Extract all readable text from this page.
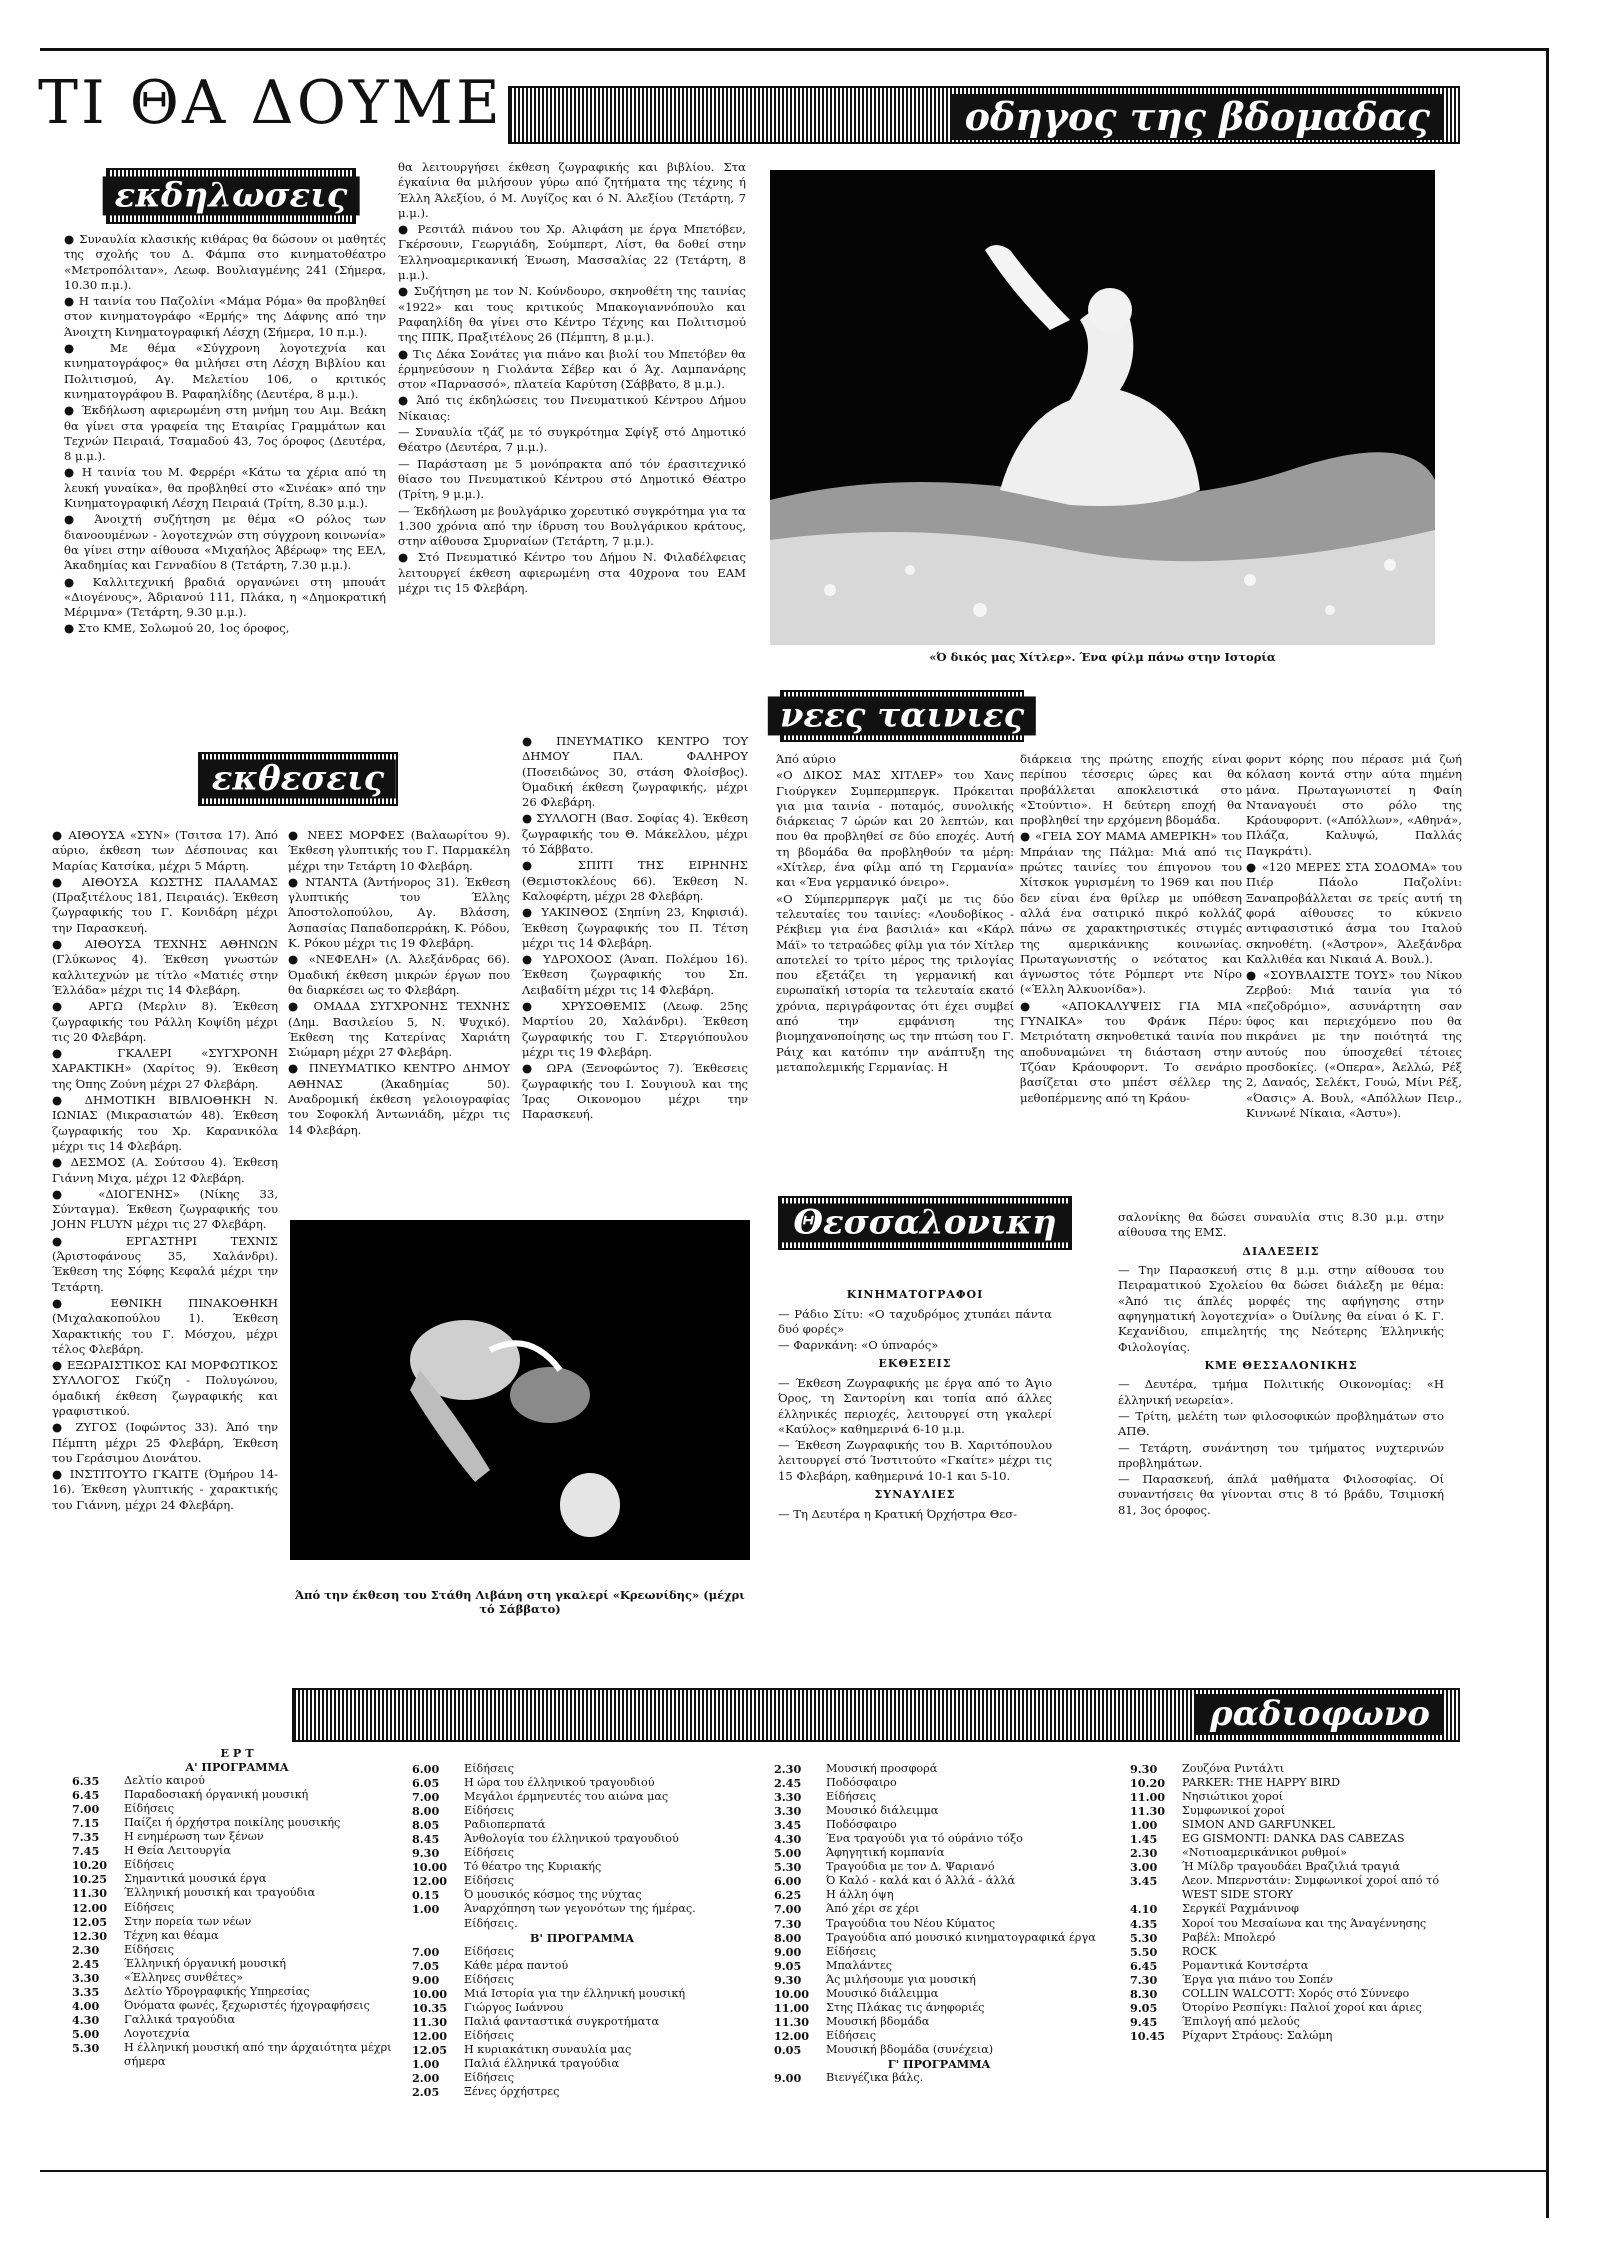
ΤΙ ΘΑ ΔΟΥΜΕ	οδηγος της βδομαδας
εκδηλωσεις

● Συναυλία κλασικής κιθάρας θα δώσουν οι μαθητές της σχολής του Δ. Φάμπα στο κινηματοθέατρο «Μετροπόλιταν», Λεωφ. Βουλιαγμένης 241 (Σήμερα, 10.30 π.μ.).

● Η ταινία του Παζολίνι «Μάμα Ρόμα» θα προβληθεί στον κινηματογράφο «Ερμής» της Δάφνης από την Άνοιχτη Κινηματογραφική Λέσχη (Σήμερα, 10 π.μ.).

● Με θέμα «Σύγχρονη λογοτεχνία και κινηματογράφος» θα μιλήσει στη Λέσχη Βιβλίου και Πολιτισμού, Αγ. Μελετίου 106, ο κριτικός κινηματογράφου Β. Ραφαηλίδης (Δευτέρα, 8 μ.μ.).

● Έκδήλωση αφιερωμένη στη μνήμη του Αιμ. Βεάκη θα γίνει στα γραφεία της Εταιρίας Γραμμάτων και Τεχνών Πειραιά, Τσαμαδού 43, 7ος όροφος (Δευτέρα, 8 μ.μ.).

● Η ταινία του Μ. Φερρέρι «Κάτω τα χέρια από τη λευκή γυναίκα», θα προβληθεί στο «Σινέακ» από την Κινηματογραφική Λέσχη Πειραιά (Τρίτη, 8.30 μ.μ.).

● Άνοιχτή συζήτηση με θέμα «Ο ρόλος των διανοουμένων - λογοτεχνών στη σύγχρονη κοινωνία» θα γίνει στην αίθουσα «Μιχαήλος Άβέρωφ» της ΕΕΛ, Άκαδημίας και Γενναδίου 8 (Τετάρτη, 7.30 μ.μ.).

● Καλλιτεχνική βραδιά οργανώνει στη μπουάτ «Διογένους», Άδριανού 111, Πλάκα, η «Δημοκρατική Μέριμνα» (Τετάρτη, 9.30 μ.μ.).

● Στο ΚΜΕ, Σολωμού 20, 1ος όροφος,

θα λειτουργήσει έκθεση ζωγραφικής και βιβλίου. Στα έγκαίνια θα μιλήσουν γύρω από ζητήματα της τέχνης ή Έλλη Άλεξίου, ό Μ. Λυγίζος και ό Ν. Άλεξίου (Τετάρτη, 7 μ.μ.).

● Ρεσιτάλ πιάνου του Χρ. Αλιφάση με έργα Μπετόβεν, Γκέρσουιν, Γεωργιάδη, Σούμπερτ, Λίστ, θα δοθεί στην Έλληνοαμερικανική Ένωση, Μασσαλίας 22 (Τετάρτη, 8 μ.μ.).

● Συζήτηση με τον Ν. Κούνδουρο, σκηνοθέτη της ταινίας «1922» και τους κριτικούς Μπακογιαννόπουλο και Ραφαηλίδη θα γίνει στο Κέντρο Τέχνης και Πολιτισμού της ΠΠΚ, Πραξιτέλους 26 (Πέμπτη, 8 μ.μ.).

● Τις Δέκα Σονάτες για πιάνο και βιολί του Μπετόβεν θα έρμηνεύσουν η Γιολάντα Σέβερ και ό Άχ. Λαμπανάρης στον «Παρνασσό», πλατεία Καρύτση (Σάββατο, 8 μ.μ.).

● Άπό τις έκδηλώσεις του Πνευματικού Κέντρου Δήμου Νίκαιας:

— Συναυλία τζάζ με τό συγκρότημα Σφίγξ στό Δημοτικό Θέατρο (Δευτέρα, 7 μ.μ.).

— Παράσταση με 5 μονόπρακτα από τόν έρασιτεχνικό θίασο του Πνευματικού Κέντρου στό Δημοτικό Θέατρο (Τρίτη, 9 μ.μ.).

— Έκδήλωση με βουλγάρικο χορευτικό συγκρότημα για τα 1.300 χρόνια από την ίδρυση του Βουλγάρικου κράτους, στην αίθουσα Σμυρναίων (Τετάρτη, 7 μ.μ.).

● Στό Πνευματικό Κέντρο του Δήμου Ν. Φιλαδέλφειας λειτουργεί έκθεση αφιερωμένη στα 40χρονα του ΕΑΜ μέχρι τις 15 Φλεβάρη.

«Ό δικός μας Χίτλερ». Ένα φίλμ πάνω στην Ιστορία
νεες ταινιες
εκθεσεις

● ΑΙΘΟΥΣΑ «ΣΥΝ» (Τσιτσα 17). Άπό αύριο, έκθεση των Δέσποινας και Μαρίας Κατσίκα, μέχρι 5 Μάρτη.

● ΑΙΘΟΥΣΑ ΚΩΣΤΗΣ ΠΑΛΑΜΑΣ (Πραξιτέλους 181, Πειραιάς). Έκθεση ζωγραφικής του Γ. Κονιδάρη μέχρι την Παρασκευή.

● ΑΙΘΟΥΣΑ ΤΕΧΝΗΣ ΑΘΗΝΩΝ (Γλύκωνος 4). Έκθεση γνωστών καλλιτεχνών με τίτλο «Ματιές στην Έλλάδα» μέχρι τις 14 Φλεβάρη.

● ΑΡΓΩ (Μερλιν 8). Έκθεση ζωγραφικής του Ράλλη Κοψίδη μέχρι τις 20 Φλεβάρη.

● ΓΚΑΛΕΡΙ «ΣΥΓΧΡΟΝΗ ΧΑΡΑΚΤΙΚΗ» (Χαρίτος 9). Έκθεση της Όπης Ζούνη μέχρι 27 Φλεβάρη.

● ΔΗΜΟΤΙΚΗ ΒΙΒΛΙΟΘΗΚΗ Ν. ΙΩΝΙΑΣ (Μικρασιατών 48). Έκθεση ζωγραφικής του Χρ. Καρανικόλα μέχρι τις 14 Φλεβάρη.

● ΔΕΣΜΟΣ (Α. Σούτσου 4). Έκθεση Γιάννη Μιχα, μέχρι 12 Φλεβάρη.

● «ΔΙΟΓΕΝΗΣ» (Νίκης 33, Σύνταγμα). Έκθεση ζωγραφικής του JOHN FLUYN μέχρι τις 27 Φλεβάρη.

● ΕΡΓΑΣΤΗΡΙ ΤΕΧΝΙΣ (Άριστοφάνους 35, Χαλάνδρι). Έκθεση της Σόφης Κεφαλά μέχρι την Τετάρτη.

● ΕΘΝΙΚΗ ΠΙΝΑΚΟΘΗΚΗ (Μιχαλακοπούλου 1). Έκθεση Χαρακτικής του Γ. Μόσχου, μέχρι τέλος Φλεβάρη.

● ΕΞΩΡΑΙΣΤΙΚΟΣ ΚΑΙ ΜΟΡΦΩΤΙΚΟΣ ΣΥΛΛΟΓΟΣ Γκύζη - Πολυγώνου, όμαδική έκθεση ζωγραφικής και γραφιστικού.

● ΖΥΓΟΣ (Ιοφώντος 33). Άπό την Πέμπτη μέχρι 25 Φλεβάρη, Έκθεση του Γεράσιμου Διονάτου.

● ΙΝΣΤΙΤΟΥΤΟ ΓΚΑΙΤΕ (Όμήρου 14-16). Έκθεση γλυπτικής - χαρακτικής του Γιάννη, μέχρι 24 Φλεβάρη.

● ΝΕΕΣ ΜΟΡΦΕΣ (Βαλαωρίτου 9). Έκθεση γλυπτικής του Γ. Παρμακέλη μέχρι την Τετάρτη 10 Φλεβάρη.

● ΝΤΑΝΤΑ (Άντήνορος 31). Έκθεση γλυπτικής του Έλλης Άποστολοπούλου, Αγ. Βλάσση, Άσπασίας Παπαδοπερράκη, Κ. Ρόδου, Κ. Ρόκου μέχρι τις 19 Φλεβάρη.

● «ΝΕΦΕΛΗ» (Λ. Άλεξάνδρας 66). Όμαδική έκθεση μικρών έργων που θα διαρκέσει ως το Φλεβάρη.

● ΟΜΑΔΑ ΣΥΓΧΡΟΝΗΣ ΤΕΧΝΗΣ (Δημ. Βασιλείου 5, Ν. Ψυχικό). Έκθεση της Κατερίνας Χαριάτη Σιώμαρη μέχρι 27 Φλεβάρη.

● ΠΝΕΥΜΑΤΙΚΟ ΚΕΝΤΡΟ ΔΗΜΟΥ ΑΘΗΝΑΣ (Άκαδημίας 50). Αναδρομική έκθεση γελοιογραφίας του Σοφοκλή Άντωνιάδη, μέχρι τις 14 Φλεβάρη.

● ΠΝΕΥΜΑΤΙΚΟ ΚΕΝΤΡΟ ΤΟΥ ΔΗΜΟΥ ΠΑΛ. ΦΑΛΗΡΟΥ (Ποσειδώνος 30, στάση Φλοίσβος). Όμαδική έκθεση ζωγραφικής, μέχρι 26 Φλεβάρη.

● ΣΥΛΛΟΓΗ (Βασ. Σοφίας 4). Έκθεση ζωγραφικής του Θ. Μάκελλου, μέχρι τό Σάββατο.

● ΣΠΙΤΙ ΤΗΣ ΕΙΡΗΝΗΣ (Θεμιστοκλέους 66). Έκθεση Ν. Καλοφέρτη, μέχρι 28 Φλεβάρη.

● ΥΑΚΙΝΘΟΣ (Σηπίνη 23, Κηφισιά). Έκθεση ζωγραφικής του Π. Τέτση μέχρι τις 14 Φλεβάρη.

● ΥΔΡΟΧΟΟΣ (Άναπ. Πολέμου 16). Έκθεση ζωγραφικής του Σπ. Λειβαδίτη μέχρι τις 14 Φλεβάρη.

● ΧΡΥΣΟΘΕΜΙΣ (Λεωφ. 25ης Μαρτίου 20, Χαλάνδρι). Έκθεση ζωγραφικής του Γ. Στεργιόπουλου μέχρι τις 19 Φλεβάρη.

● ΩΡΑ (Ξενοφώντος 7). Έκθεσεις ζωγραφικής του Ι. Σουγιουλ και της Ίρας Οικονομου μέχρι την Παρασκευή.

Άπό την έκθεση του Στάθη Λιβάνη στη γκαλερί «Κρεωνίδης» (μέχρι τό Σάββατο)

Άπό αύριο

«Ο ΔΙΚΟΣ ΜΑΣ ΧΙΤΛΕΡ» του Χανς Γιούργκεν Συμπερμπεργκ. Πρόκειται για μια ταινία - ποταμός, συνολικής διάρκειας 7 ώρών και 20 λεπτών, και που θα προβληθεί σε δύο εποχές. Αυτή τη βδομάδα θα προβληθούν τα μέρη: «Χίτλερ, ένα φίλμ από τη Γερμανία» και «Ένα γερμανικό όνειρο».

«Ο Σύμπερμπεργκ μαζί με τις δύο τελευταίες του ταινίες: «Λουδοβίκος - Ρέκβιεμ για ένα βασιλιά» και «Κάρλ Μάϊ» το τετραώδες φίλμ για τόν Χίτλερ αποτελεί το τρίτο μέρος της τριλογίας που εξετάζει τη γερμανική και ευρωπαϊκή ιστορία τα τελευταία εκατό χρόνια, περιγράφοντας ότι έχει συμβεί από την εμφάνιση της βιομηχανοποίησης ως την πτώση του Γ. Ράιχ και κατόπιν την ανάπτυξη της μεταπολεμικής Γερμανίας. Η

διάρκεια της πρώτης εποχής είναι περίπου τέσσερις ώρες και θα προβάλλεται αποκλειστικά στο «Στούντιο». Η δεύτερη εποχή θα προβληθεί την ερχόμενη βδομάδα.

● «ΓΕΙΑ ΣΟΥ ΜΑΜΑ ΑΜΕΡΙΚΗ» του Μπράιαν της Πάλμα: Μιά από τις πρώτες ταινίες του έπιγονου του Χίτσκοκ γυρισμένη το 1969 και που δεν είναι ένα θρίλερ με υπόθεση αλλά ένα σατιρικό πικρό κολλάζ πάνω σε χαρακτηριστικές στιγμές της αμερικάνικης κοινωνίας. Πρωταγωνιστής ο νεότατος και άγνωστος τότε Ρόμπερτ ντε Νίρο («Έλλη Άλκυονίδα»).

● «ΑΠΟΚΑΛΥΨΕΙΣ ΓΙΑ ΜΙΑ ΓΥΝΑΙΚΑ» του Φράνκ Πέρυ: Μετριότατη σκηνοθετικά ταινία που αποδυναμώνει τη διάσταση στην Τζόαν Κράουφορντ. Το σενάριο βασίζεται στο μπέστ σέλλερ της μεθοπέρμενης από τη Κράου-

φορντ κόρης που πέρασε μιά ζωή κόλαση κοντά στην αύτα πημένη μάνα. Πρωταγωνιστεί η Φαίη Νταναγουέι στο ρόλο της Κράουφορντ. («Απόλλων», «Αθηνά», Πλάζα, Καλυψώ, Παλλάς Παγκράτι).

● «120 ΜΕΡΕΣ ΣΤΑ ΣΟΔΟΜΑ» του Πιέρ Πάολο Παζολίνι: Ξαναπροβάλλεται σε τρείς αυτή τη φορά αίθουσες το κύκνειο αντιφασιστικό άσμα του Ιταλού σκηνοθέτη. («Άστρον», Άλεξάνδρα Καλλιθέα και Νικαιά Α. Βουλ.).

● «ΣΟΥΒΛΑΙΣΤΕ ΤΟΥΣ» του Νίκου Ζερβού: Μιά ταινία για τό «πεζοδρόμιο», ασυνάρτητη σαν ύφος και περιεχόμενο που θα πικράνει με την ποιότητά της αυτούς που ύποσχεθεί τέτοιες προσδοκίες. («Οπερα», Άελλώ, Ρέξ 2, Δαναός, Σελέκτ, Γουώ, Μίνι Ρέξ, «Όασις» Α. Βουλ, «Απόλλων Πειρ., Κιννωνέ Νίκαια, «Άστυ»).

Θεσσαλονικη

ΚΙΝΗΜΑΤΟΓΡΑΦΟΙ

— Ράδιο Σίτυ: «Ο ταχυδρόμος χτυπάει πάντα δυό φορές»

— Φαρνκάνη: «Ο ύπναρός»

ΕΚΘΕΣΕΙΣ

— Έκθεση Ζωγραφικής με έργα από το Άγιο Όρος, τη Σαντορίνη και τοπία από άλλες έλληνικές περιοχές, λειτουργεί στη γκαλερί «Καύλος» καθημερινά 6-10 μ.μ.

— Έκθεση Ζωγραφικής του Β. Χαριτόπουλου λειτουργεί στό Ίνστιτούτο «Γκαίτε» μέχρι τις 15 Φλεβάρη, καθημερινά 10-1 και 5-10.

ΣΥΝΑΥΛΙΕΣ

— Τη Δευτέρα η Κρατική Όρχήστρα Θεσ-

σαλονίκης θα δώσει συναυλία στις 8.30 μ.μ. στην αίθουσα της ΕΜΣ.

ΔΙΑΛΕΞΕΙΣ

— Την Παρασκευή στις 8 μ.μ. στην αίθουσα του Πειραματικού Σχολείου θα δώσει διάλεξη με θέμα: «Άπό τις άπλές μορφές της αφήγησης στην αφηγηματική λογοτεχνία» ο Όυίλνης θα είναι ό Κ. Γ. Κεχανίδιου, επιμελητής της Νεότερης Έλληνικής Φιλολογίας.

ΚΜΕ ΘΕΣΣΑΛΟΝΙΚΗΣ

— Δευτέρα, τμήμα Πολιτικής Οικονομίας: «Η έλληνική νεωρεία».

— Τρίτη, μελέτη των φιλοσοφικών προβλημάτων στο ΑΠΘ.

— Τετάρτη, συνάντηση του τμήματος νυχτερινών προβλημάτων.

— Παρασκευή, άπλά μαθήματα Φιλοσοφίας. Οί συναντήσεις θα γίνονται στις 8 τό βράδυ, Τσιμισκή 81, 3ος όροφος.

ραδιοφωνο
Ε Ρ Τ
Α' ΠΡΟΓΡΑΜΜΑ
6.35	Δελτίο καιρού
6.45	Παραδοσιακή όργανική μουσική
7.00	Είδήσεις
7.15	Παίζει ή όρχήστρα ποικίλης μουσικής
7.35	Η ενημέρωση των ξένων
7.45	Η Θεία Λειτουργία
10.20	Είδήσεις
10.25	Σημαντικά μουσικά έργα
11.30	Έλληνική μουσική και τραγούδια
12.00	Είδήσεις
12.05	Στην πορεία των νέων
12.30	Τέχνη και θέαμα
2.30	Είδήσεις
2.45	Έλληνική όργανική μουσική
3.30	«Έλληνες συνθέτες»
3.35	Δελτίο Υδρογραφικής Υπηρεσίας
4.00	Όνόματα φωνές, ξεχωριστές ήχογραφήσεις
4.30	Γαλλικά τραγούδια
5.00	Λογοτεχνία
5.30	Η έλληνική μουσική από την άρχαιότητα μέχρι σήμερα
6.00	Είδήσεις
6.05	Η ώρα του έλληνικού τραγουδιού
7.00	Μεγάλοι έρμηνευτές του αιώνα μας
8.00	Είδήσεις
8.05	Ραδιοπερπατά
8.45	Άνθολογία του έλληνικού τραγουδιού
9.30	Είδήσεις
10.00	Τό θέατρο της Κυριακής
12.00	Είδήσεις
0.15	Ό μουσικός κόσμος της νύχτας
1.00	Άναρχόπηση των γεγονότων της ήμέρας. Είδήσεις.
Β' ΠΡΟΓΡΑΜΜΑ
7.00	Είδήσεις
7.05	Κάθε μέρα παντού
9.00	Είδήσεις
10.00	Μιά Ιστορία για την έλληνική μουσική
10.35	Γιώργος Ιωάννου
11.30	Παλιά φανταστικά συγκροτήματα
12.00	Είδήσεις
12.05	Η κυριακάτικη συναυλία μας
1.00	Παλιά έλληνικά τραγούδια
2.00	Είδήσεις
2.05	Ξένες όρχήστρες
2.30	Μουσική προσφορά
2.45	Ποδόσφαιρο
3.30	Είδήσεις
3.30	Μουσικό διάλειμμα
3.45	Ποδόσφαιρο
4.30	Ένα τραγούδι για τό ούράνιο τόξο
5.00	Άφηγητική κομπανία
5.30	Τραγούδια με τον Δ. Ψαριανό
6.00	Ό Καλό - καλά και ό Άλλά - άλλά
6.25	Η άλλη όψη
7.00	Άπό χέρι σε χέρι
7.30	Τραγούδια του Νέου Κύματος
8.00	Τραγούδια από μουσικό κινηματογραφικά έργα
9.00	Είδήσεις
9.05	Μπαλάντες
9.30	Άς μιλήσουμε για μουσική
10.00	Μουσικό διάλειμμα
11.00	Στης Πλάκας τις άνηφοριές
11.30	Μουσική βδομάδα
12.00	Είδήσεις
0.05	Μουσική βδομάδα (συνέχεια)
Γ' ΠΡΟΓΡΑΜΜΑ
9.00	Βιενγέζικα βάλς.
9.30	Ζουζόνα Ριντάλτι
10.20	PARKER: THE HAPPY BIRD
11.00	Νησιώτικοι χοροί
11.30	Συμφωνικοί χοροί
1.00	SIMON AND GARFUNKEL
1.45	EG GISMONTI: DANKA DAS CABEZAS
2.30	«Νοτιοαμερικάνικοι ρυθμοί»
3.00	Ή Μίλδρ τραγουδάει Βραζιλιά τραγιά
3.45	Λεον. Μπερνστάιν: Συμφωνικοί χοροί από τό WEST SIDE STORY
4.10	Σεργκέϊ Ραχμάνινοφ
4.35	Χοροί του Μεσαίωνα και της Άναγέννησης
5.30	Ραβέλ: Μπολερό
5.50	ROCK
6.45	Ρομαντικά Κοντσέρτα
7.30	Έργα για πιάνο του Σοπέν
8.30	COLLIN WALCOTT: Χορός στό Σύννεφο
9.05	Ότορίνο Ρεσπίγκι: Παλιοί χοροί και άριες
9.45	Έπιλογή από μελούς
10.45	Ρίχαρντ Στράους: Σαλώμη
